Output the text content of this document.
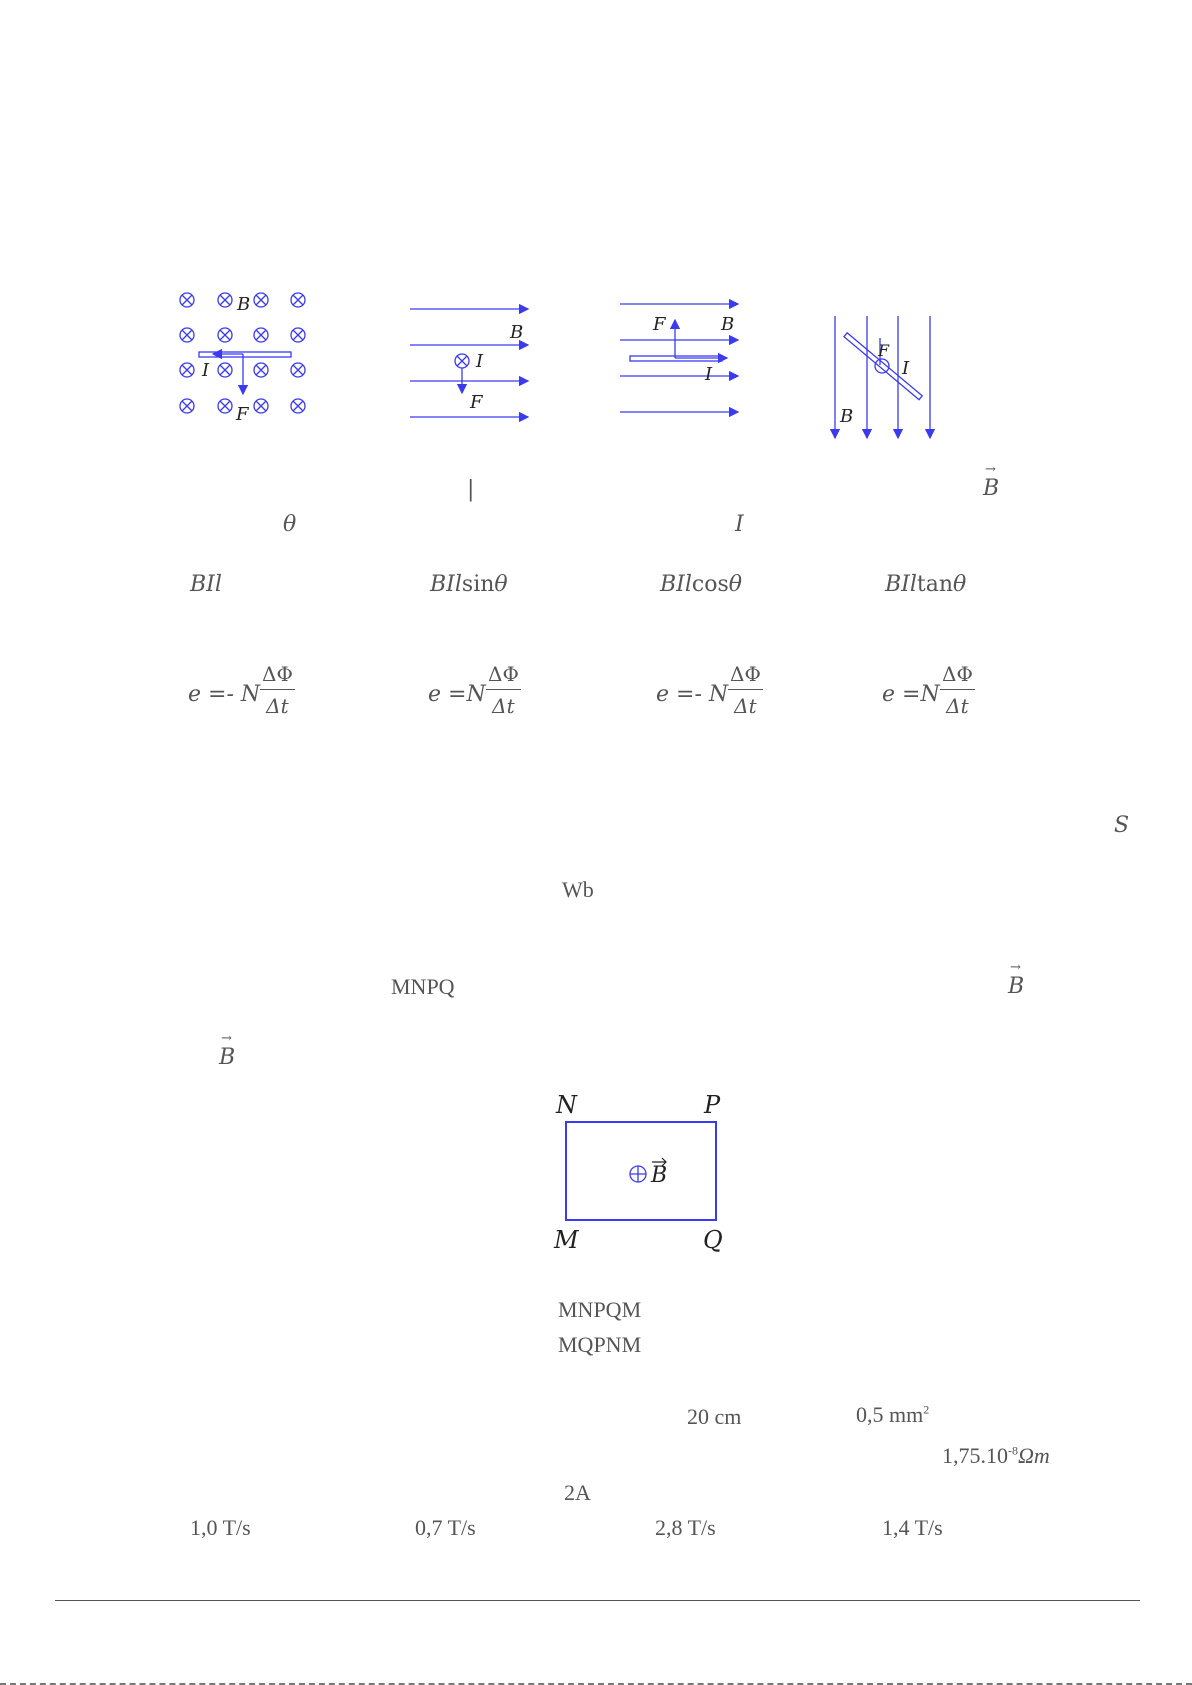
B
F
I
B
I
F
F	B
I
F
I
B
|	→ B
θ	I
BIl	BIlsinθ	BIlcosθ	BIltanθ
e =- N $\frac{\Delta\Phi}{\Delta t}$	$e =N \frac{\Delta\Phi}{\Delta t}$	e =- N $\frac{\Delta\Phi}{\Delta t}$	$e =N \frac{\Delta\Phi}{\Delta t}$
S
Wb
MNPQ	→ B
→ B
B
N	P
M	Q
MNPQM
MQPNM
20 cm	0,5 $mm^2$
$1,75.10^{-8}\Omega m$
2A
1,0 T/s	0,7 T/s	2,8 T/s	1,4 T/s
